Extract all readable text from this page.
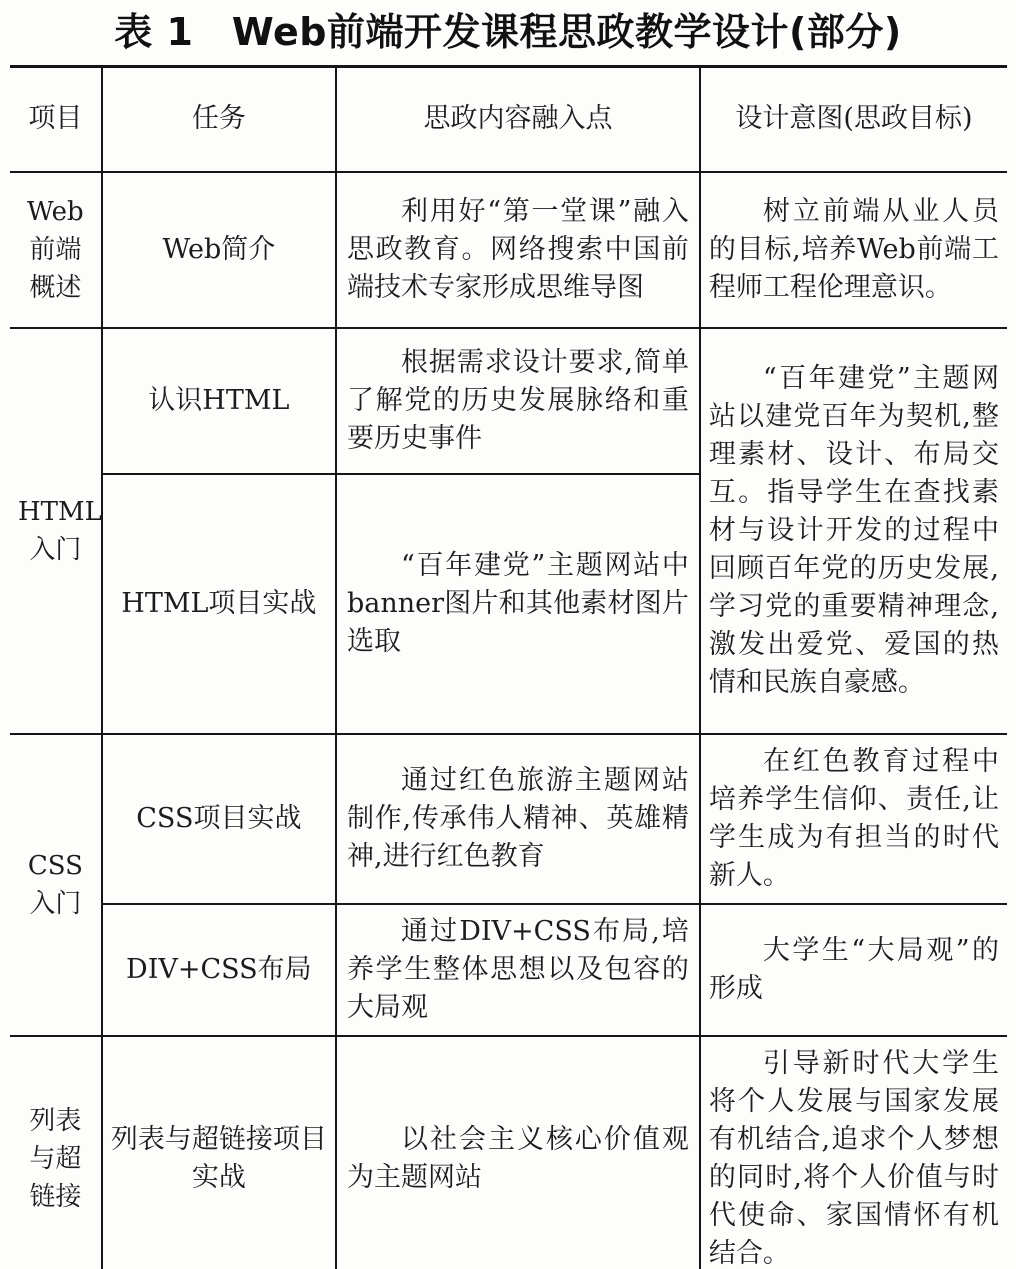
表 1　Web前端开发课程思政教学设计(部分)
项目	任务	思政内容融入点	设计意图(思政目标)
Web前端概述	Web简介	利用好“第一堂课”融入思政教育。网络搜索中国前端技术专家形成思维导图	树立前端从业人员的目标,培养Web前端工程师工程伦理意识。
HTML入门	认识HTML	根据需求设计要求,简单了解党的历史发展脉络和重要历史事件	“百年建党”主题网站以建党百年为契机,整理素材、设计、布局交互。指导学生在查找素材与设计开发的过程中回顾百年党的历史发展,学习党的重要精神理念,激发出爱党、爱国的热情和民族自豪感。
	HTML项目实战	“百年建党”主题网站中banner图片和其他素材图片选取	
CSS入门	CSS项目实战	通过红色旅游主题网站制作,传承伟人精神、英雄精神,进行红色教育	在红色教育过程中培养学生信仰、责任,让学生成为有担当的时代新人。
	DIV+CSS布局	通过DIV+CSS布局,培养学生整体思想以及包容的大局观	大学生“大局观”的形成
列表与超链接	列表与超链接项目实战	以社会主义核心价值观为主题网站	引导新时代大学生将个人发展与国家发展有机结合,追求个人梦想的同时,将个人价值与时代使命、家国情怀有机结合。
